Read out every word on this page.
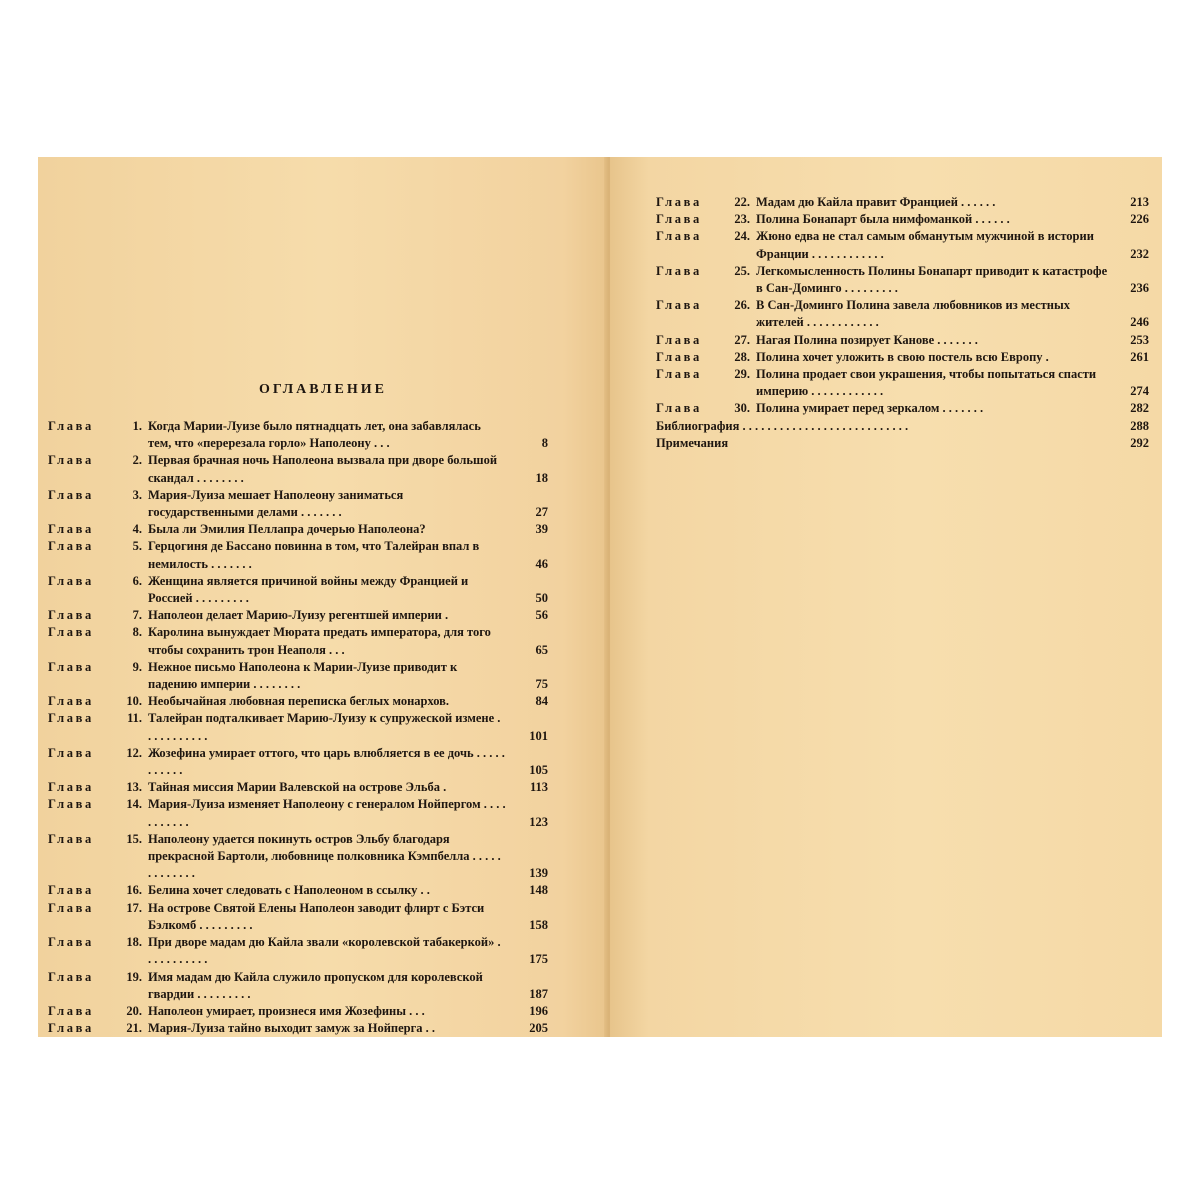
ОГЛАВЛЕНИЕ
Глава	1. Когда Марии-Луизе было пятнадцать лет, она забавлялась тем, что «перерезала горло» Наполеону . . .	8
Глава	2. Первая брачная ночь Наполеона вызвала при дворе большой скандал . . . . . . . .	18
Глава	3. Мария-Луиза мешает Наполеону заниматься государственными делами . . . . . . .	27
Глава	4. Была ли Эмилия Пеллапра дочерью Наполеона?	39
Глава	5. Герцогиня де Бассано повинна в том, что Талейран впал в немилость . . . . . . .	46
Глава	6. Женщина является причиной войны между Францией и Россией . . . . . . . . .	50
Глава	7. Наполеон делает Марию-Луизу регентшей империи .	56
Глава	8. Каролина вынуждает Мюрата предать императора, для того чтобы сохранить трон Неаполя . . .	65
Глава	9. Нежное письмо Наполеона к Марии-Луизе приводит к падению империи . . . . . . . .	75
Глава	10. Необычайная любовная переписка беглых монархов.	84
Глава	11. Талейран подталкивает Марию-Луизу к супружеской измене . . . . . . . . . . .	101
Глава	12. Жозефина умирает оттого, что царь влюбляется в ее дочь . . . . . . . . . . .	105
Глава	13. Тайная миссия Марии Валевской на острове Эльба .	113
Глава	14. Мария-Луиза изменяет Наполеону с генералом Нойпергом . . . . . . . . . . .	123
Глава	15. Наполеону удается покинуть остров Эльбу благодаря прекрасной Бартоли, любовнице полковника Кэмпбелла . . . . . . . . . . . . .	139
Глава	16. Белина хочет следовать с Наполеоном в ссылку . .	148
Глава	17. На острове Святой Елены Наполеон заводит флирт с Бэтси Бэлкомб . . . . . . . . .	158
Глава	18. При дворе мадам дю Кайла звали «королевской табакеркой» . . . . . . . . . . .	175
Глава	19. Имя мадам дю Кайла служило пропуском для королевской гвардии . . . . . . . . .	187
Глава	20. Наполеон умирает, произнеся имя Жозефины . . .	196
Глава	21. Мария-Луиза тайно выходит замуж за Нойперга . .	205
Глава	22. Мадам дю Кайла правит Францией . . . . . .	213
Глава	23. Полина Бонапарт была нимфоманкой . . . . . .	226
Глава	24. Жюно едва не стал самым обманутым мужчиной в истории Франции . . . . . . . . . . . .	232
Глава	25. Легкомысленность Полины Бонапарт приводит к катастрофе в Сан-Доминго . . . . . . . . .	236
Глава	26. В Сан-Доминго Полина завела любовников из местных жителей . . . . . . . . . . . .	246
Глава	27. Нагая Полина позирует Канове . . . . . . .	253
Глава	28. Полина хочет уложить в свою постель всю Европу .	261
Глава	29. Полина продает свои украшения, чтобы попытаться спасти империю . . . . . . . . . . . .	274
Глава	30. Полина умирает перед зеркалом . . . . . . .	282
Библиография . . . . . . . . . . . . . . . . . . . . . . . . . . .	288
Примечания	292
